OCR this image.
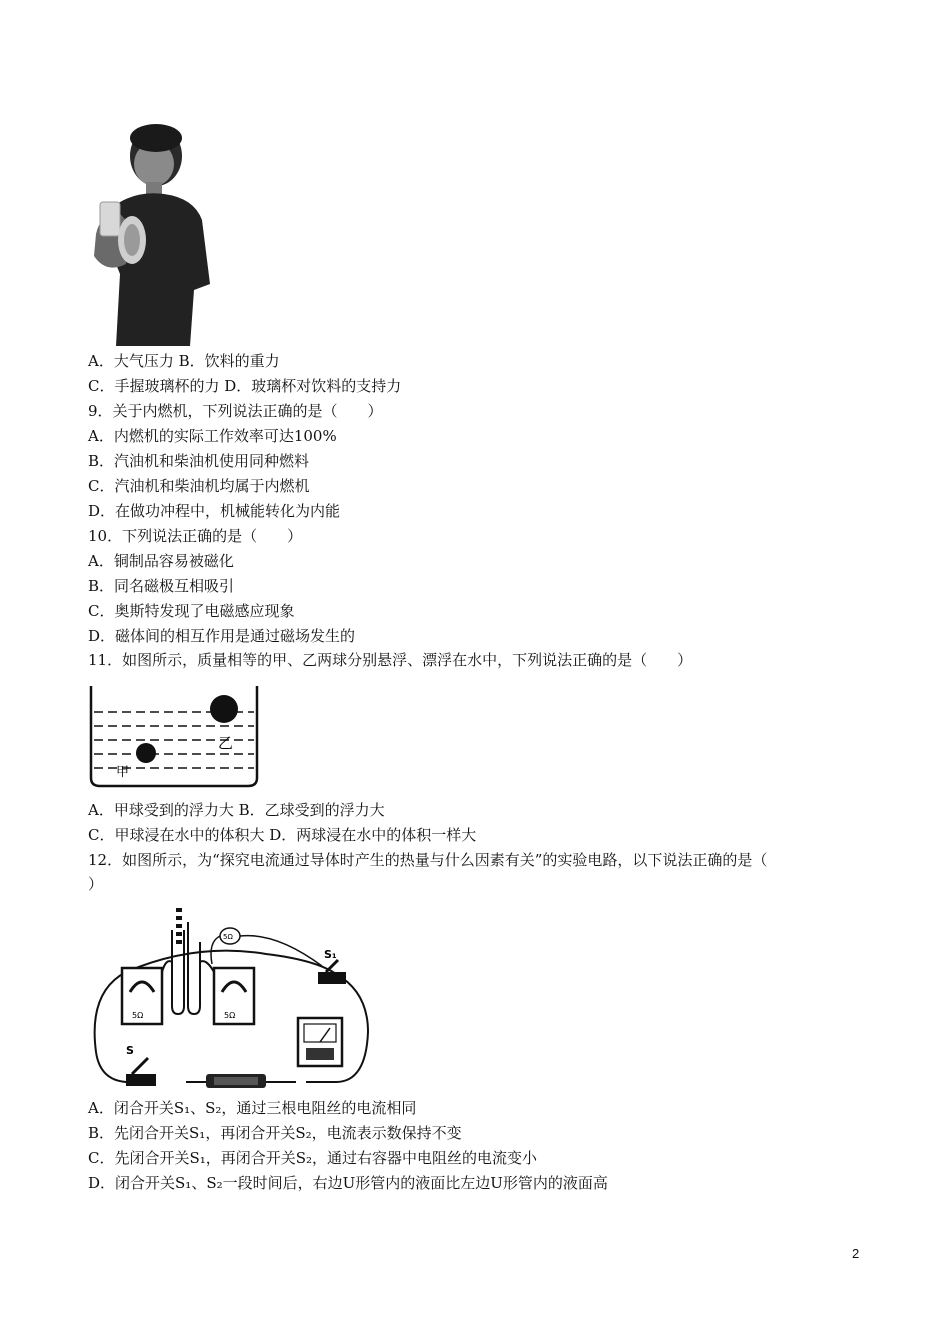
A．大气压力 B．饮料的重力
C．手握玻璃杯的力 D．玻璃杯对饮料的支持力
9．关于内燃机，下列说法正确的是（　　）
A．内燃机的实际工作效率可达100%
B．汽油机和柴油机使用同种燃料
C．汽油机和柴油机均属于内燃机
D．在做功冲程中，机械能转化为内能
10．下列说法正确的是（　　）
A．铜制品容易被磁化
B．同名磁极互相吸引
C．奥斯特发现了电磁感应现象
D．磁体间的相互作用是通过磁场发生的
11．如图所示，质量相等的甲、乙两球分别悬浮、漂浮在水中，下列说法正确的是（　　）
乙
甲
A．甲球受到的浮力大 B．乙球受到的浮力大
C．甲球浸在水中的体积大 D．两球浸在水中的体积一样大
12．如图所示，为“探究电流通过导体时产生的热量与什么因素有关”的实验电路，以下说法正确的是（
）
5Ω	5Ω
5Ω
S₁
S
A．闭合开关S₁、S₂，通过三根电阻丝的电流相同
B．先闭合开关S₁，再闭合开关S₂，电流表示数保持不变
C．先闭合开关S₁，再闭合开关S₂，通过右容器中电阻丝的电流变小
D．闭合开关S₁、S₂一段时间后，右边U形管内的液面比左边U形管内的液面高
2
